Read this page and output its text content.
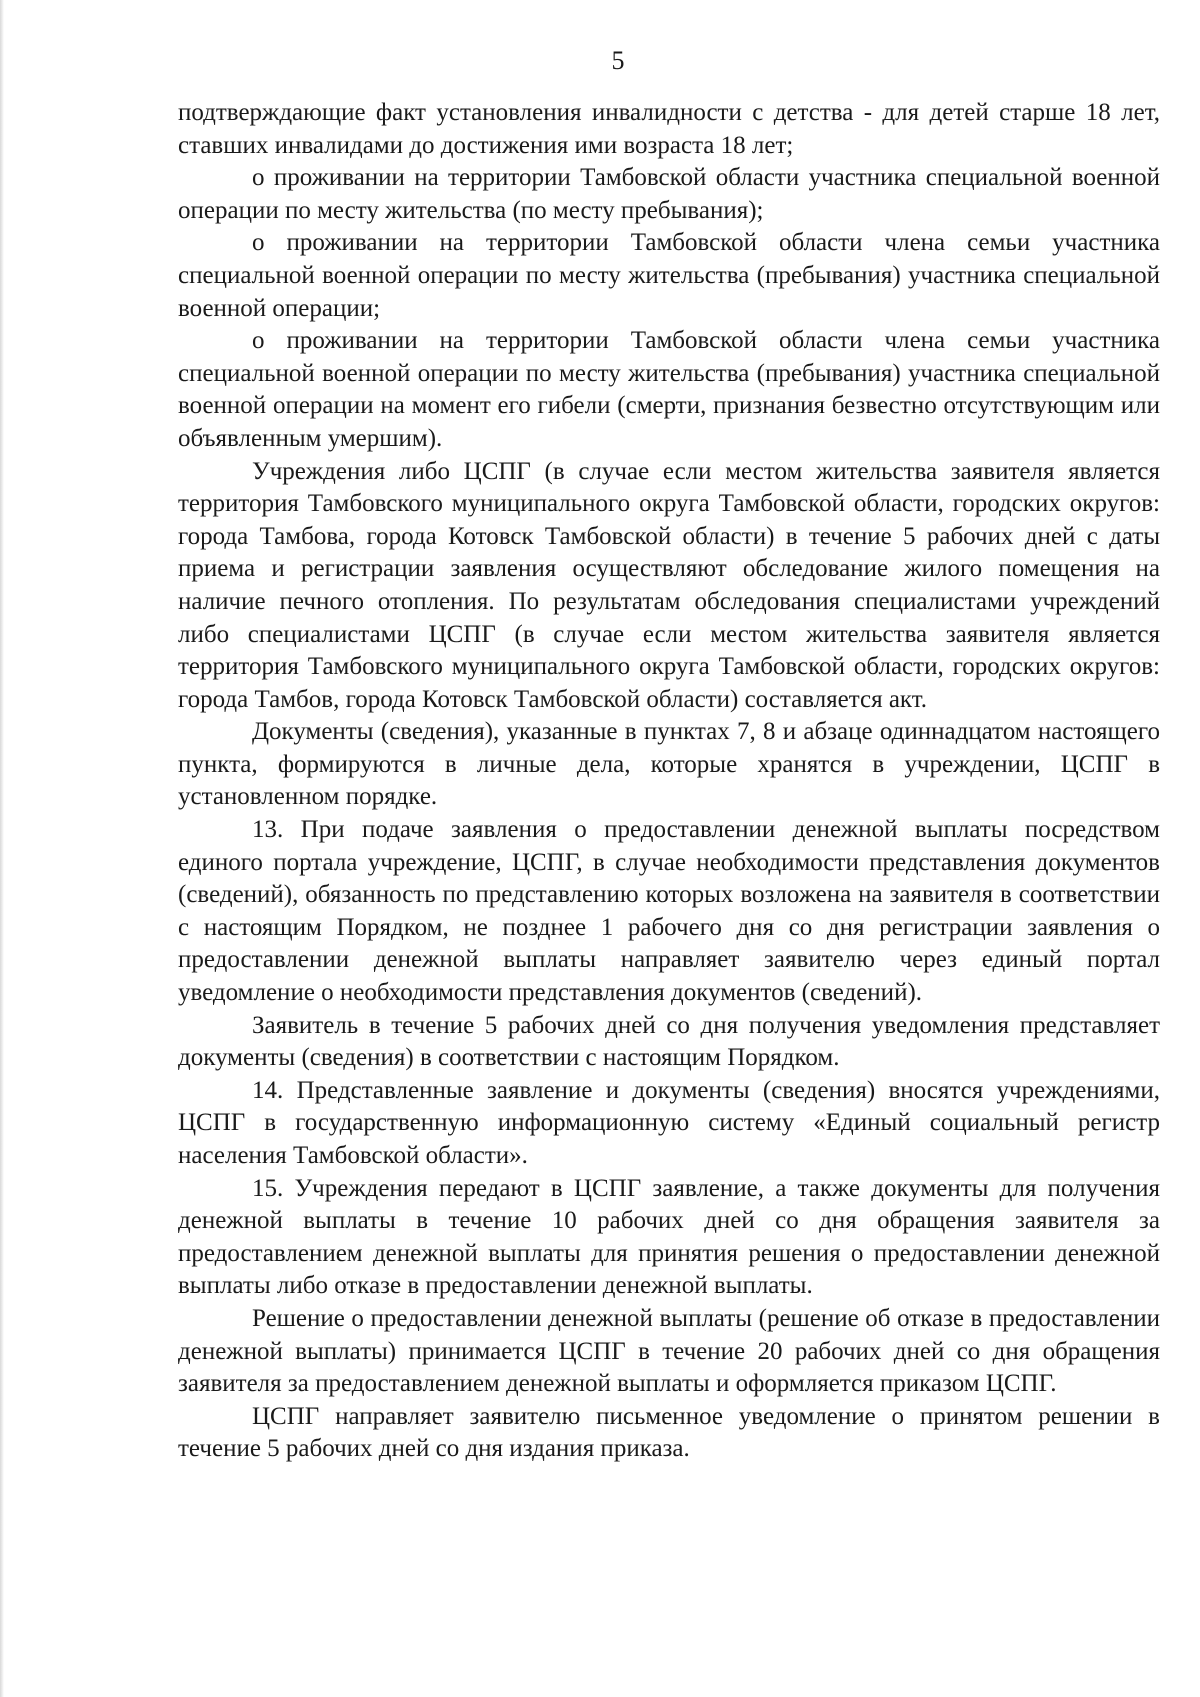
5

подтверждающие факт установления инвалидности с детства - для детей старше 18 лет, ставших инвалидами до достижения ими возраста 18 лет;

о проживании на территории Тамбовской области участника специальной военной операции по месту жительства (по месту пребывания);

о проживании на территории Тамбовской области члена семьи участника специальной военной операции по месту жительства (пребывания) участника специальной военной операции;

о проживании на территории Тамбовской области члена семьи участника специальной военной операции по месту жительства (пребывания) участника специальной военной операции на момент его гибели (смерти, признания безвестно отсутствующим или объявленным умершим).

Учреждения либо ЦСПГ (в случае если местом жительства заявителя является территория Тамбовского муниципального округа Тамбовской области, городских округов: города Тамбова, города Котовск Тамбовской области) в течение 5 рабочих дней с даты приема и регистрации заявления осуществляют обследование жилого помещения на наличие печного отопления. По результатам обследования специалистами учреждений либо специалистами ЦСПГ (в случае если местом жительства заявителя является территория Тамбовского муниципального округа Тамбовской области, городских округов: города Тамбов, города Котовск Тамбовской области) составляется акт.

Документы (сведения), указанные в пунктах 7, 8 и абзаце одиннадцатом настоящего пункта, формируются в личные дела, которые хранятся в учреждении, ЦСПГ в установленном порядке.

13. При подаче заявления о предоставлении денежной выплаты посредством единого портала учреждение, ЦСПГ, в случае необходимости представления документов (сведений), обязанность по представлению которых возложена на заявителя в соответствии с настоящим Порядком, не позднее 1 рабочего дня со дня регистрации заявления о предоставлении денежной выплаты направляет заявителю через единый портал уведомление о необходимости представления документов (сведений).

Заявитель в течение 5 рабочих дней со дня получения уведомления представляет документы (сведения) в соответствии с настоящим Порядком.

14. Представленные заявление и документы (сведения) вносятся учреждениями, ЦСПГ в государственную информационную систему «Единый социальный регистр населения Тамбовской области».

15. Учреждения передают в ЦСПГ заявление, а также документы для получения денежной выплаты в течение 10 рабочих дней со дня обращения заявителя за предоставлением денежной выплаты для принятия решения о предоставлении денежной выплаты либо отказе в предоставлении денежной выплаты.

Решение о предоставлении денежной выплаты (решение об отказе в предоставлении денежной выплаты) принимается ЦСПГ в течение 20 рабочих дней со дня обращения заявителя за предоставлением денежной выплаты и оформляется приказом ЦСПГ.

ЦСПГ направляет заявителю письменное уведомление о принятом решении в течение 5 рабочих дней со дня издания приказа.
